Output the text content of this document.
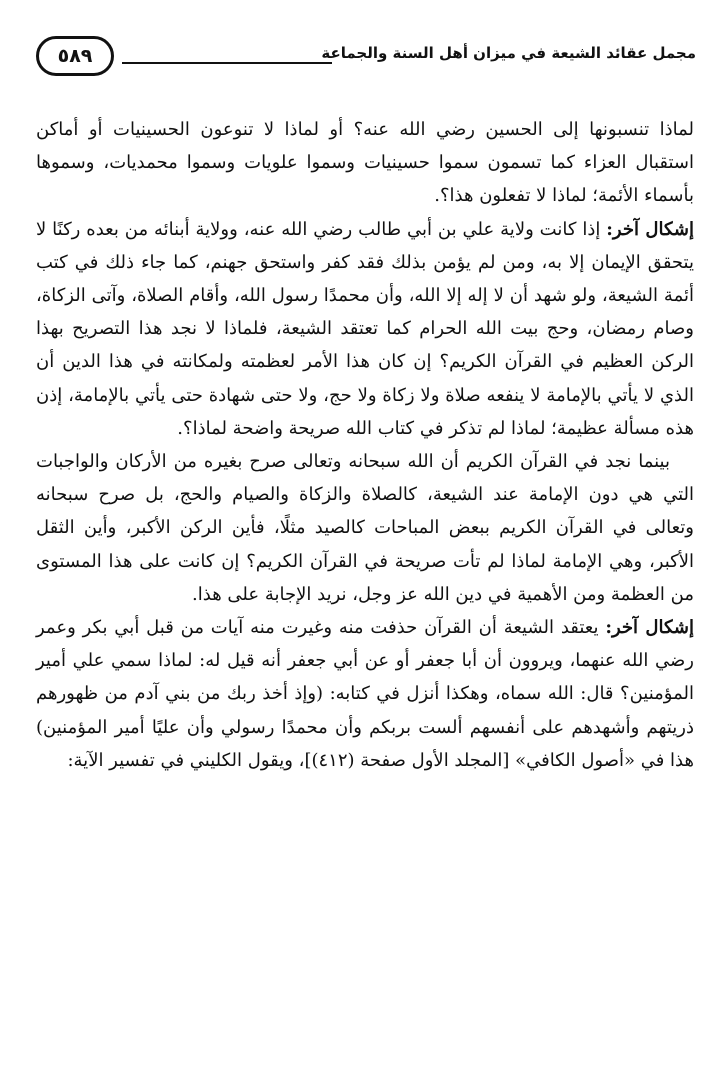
٥٨٩	مجمل عقائد الشيعة في ميزان أهل السنة والجماعة

لماذا تنسبونها إلى الحسين رضي الله عنه؟ أو لماذا لا تنوعون الحسينيات أو أماكن استقبال العزاء كما تسمون سموا حسينيات وسموا علويات وسموا محمديات، وسموها بأسماء الأئمة؛ لماذا لا تفعلون هذا؟.

إشكال آخر: إذا كانت ولاية علي بن أبي طالب رضي الله عنه، وولاية أبنائه من بعده ركنًا لا يتحقق الإيمان إلا به، ومن لم يؤمن بذلك فقد كفر واستحق جهنم، كما جاء ذلك في كتب أئمة الشيعة، ولو شهد أن لا إله إلا الله، وأن محمدًا رسول الله، وأقام الصلاة، وآتى الزكاة، وصام رمضان، وحج بيت الله الحرام كما تعتقد الشيعة، فلماذا لا نجد هذا التصريح بهذا الركن العظيم في القرآن الكريم؟ إن كان هذا الأمر لعظمته ولمكانته في هذا الدين أن الذي لا يأتي بالإمامة لا ينفعه صلاة ولا زكاة ولا حج، ولا حتى شهادة حتى يأتي بالإمامة، إذن هذه مسألة عظيمة؛ لماذا لم تذكر في كتاب الله صريحة واضحة لماذا؟.

بينما نجد في القرآن الكريم أن الله سبحانه وتعالى صرح بغيره من الأركان والواجبات التي هي دون الإمامة عند الشيعة، كالصلاة والزكاة والصيام والحج، بل صرح سبحانه وتعالى في القرآن الكريم ببعض المباحات كالصيد مثلًا، فأين الركن الأكبر، وأين الثقل الأكبر، وهي الإمامة لماذا لم تأت صريحة في القرآن الكريم؟ إن كانت على هذا المستوى من العظمة ومن الأهمية في دين الله عز وجل، نريد الإجابة على هذا.

إشكال آخر: يعتقد الشيعة أن القرآن حذفت منه وغيرت منه آيات من قبل أبي بكر وعمر رضي الله عنهما، ويروون أن أبا جعفر أو عن أبي جعفر أنه قيل له: لماذا سمي علي أمير المؤمنين؟ قال: الله سماه، وهكذا أنزل في كتابه: (وإذ أخذ ربك من بني آدم من ظهورهم ذريتهم وأشهدهم على أنفسهم ألست بربكم وأن محمدًا رسولي وأن عليًا أمير المؤمنين) هذا في «أصول الكافي» [المجلد الأول صفحة (٤١٢)]، ويقول الكليني في تفسير الآية:
